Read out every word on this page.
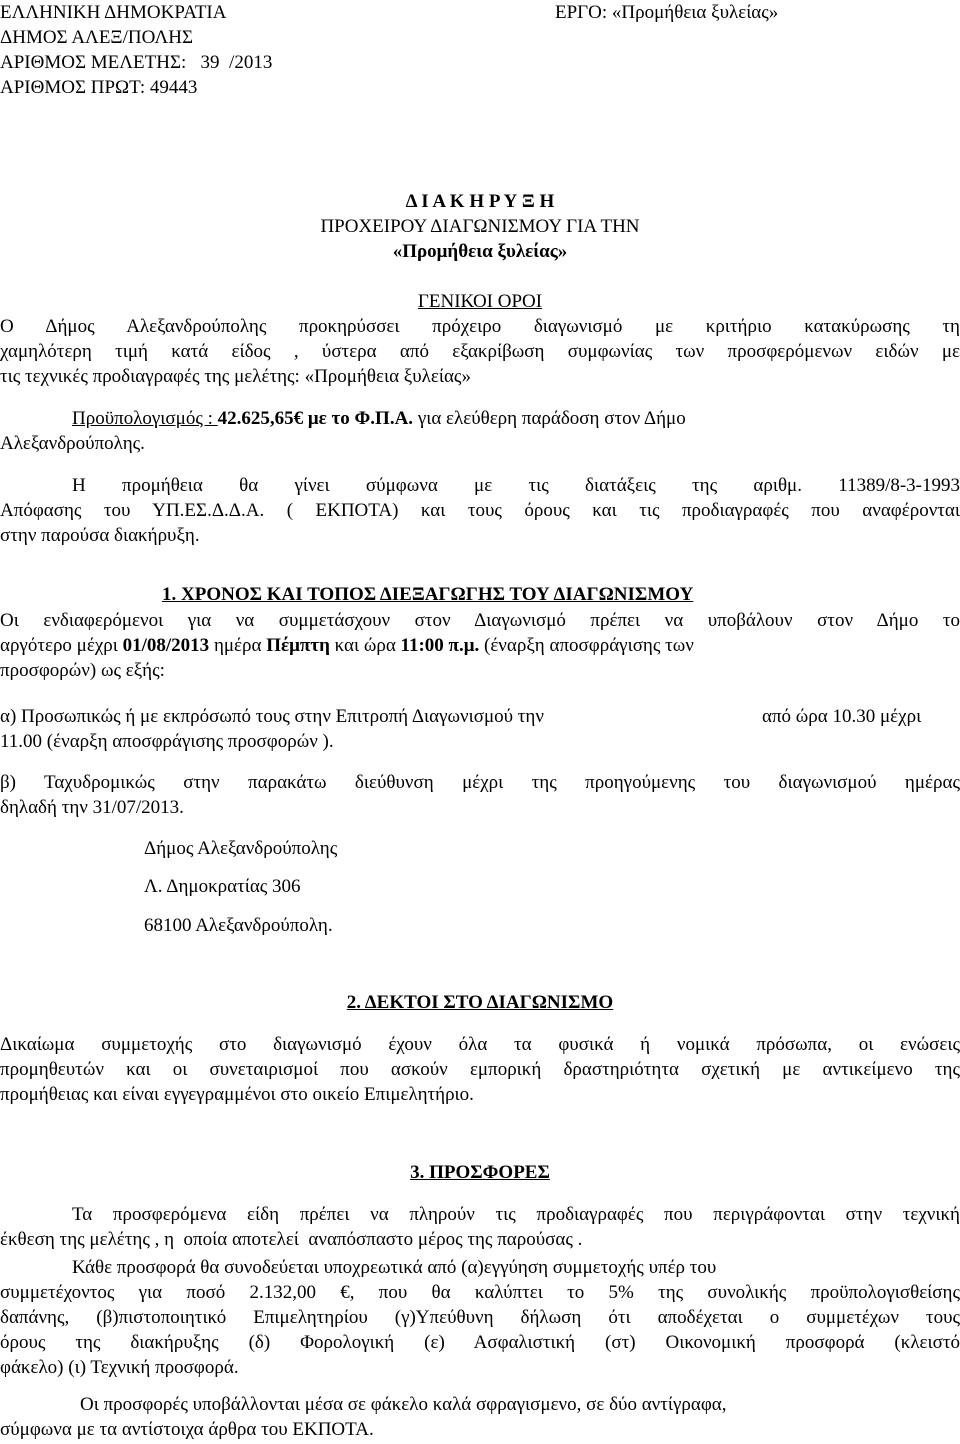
ΕΛΛΗΝΙΚΗ ΔΗΜΟΚΡΑΤΙΑ
ΔΗΜΟΣ ΑΛΕΞ/ΠΟΛΗΣ
ΑΡΙΘΜΟΣ ΜΕΛΕΤΗΣ:   39  /2013
ΑΡΙΘΜΟΣ ΠΡΩΤ: 49443
ΕΡΓΟ: «Προμήθεια ξυλείας»
Δ Ι Α Κ Η Ρ Υ Ξ Η
ΠΡΟΧΕΙΡΟΥ ΔΙΑΓΩΝΙΣΜΟΥ ΓΙΑ ΤΗΝ
«Προμήθεια ξυλείας»
ΓΕΝΙΚΟΙ ΟΡΟΙ
Ο Δήμος Αλεξανδρούπολης προκηρύσσει πρόχειρο διαγωνισμό με κριτήριο κατακύρωσης τη
χαμηλότερη τιμή κατά είδος , ύστερα από εξακρίβωση συμφωνίας των προσφερόμενων ειδών με
τις τεχνικές προδιαγραφές της μελέτης: «Προμήθεια ξυλείας»
Προϋπολογισμός : 42.625,65€ με το Φ.Π.Α. για ελεύθερη παράδοση στον Δήμο
Αλεξανδρούπολης.
Η προμήθεια θα γίνει σύμφωνα με τις διατάξεις της αριθμ. 11389/8-3-1993
Απόφασης του ΥΠ.ΕΣ.Δ.Δ.Α. ( ΕΚΠΟΤΑ) και τους όρους και τις προδιαγραφές που αναφέρονται
στην παρούσα διακήρυξη.
1. ΧΡΟΝΟΣ ΚΑΙ ΤΟΠΟΣ ΔΙΕΞΑΓΩΓΗΣ ΤΟΥ ΔΙΑΓΩΝΙΣΜΟΥ
Οι ενδιαφερόμενοι για να συμμετάσχουν στον Διαγωνισμό πρέπει να υποβάλουν στον Δήμο το
αργότερο μέχρι 01/08/2013 ημέρα Πέμπτη και ώρα 11:00 π.μ. (έναρξη αποσφράγισης των
προσφορών) ως εξής:
α) Προσωπικώς ή με εκπρόσωπό τους στην Επιτροπή Διαγωνισμού την	από ώρα 10.30 μέχρι
11.00 (έναρξη αποσφράγισης προσφορών ).
β) Ταχυδρομικώς στην παρακάτω διεύθυνση μέχρι της προηγούμενης του διαγωνισμού ημέρας
δηλαδή την 31/07/2013.
Δήμος Αλεξανδρούπολης
Λ. Δημοκρατίας 306
68100 Αλεξανδρούπολη.
2. ΔΕΚΤΟΙ ΣΤΟ ΔΙΑΓΩΝΙΣΜΟ
Δικαίωμα συμμετοχής στο διαγωνισμό έχουν όλα τα φυσικά ή νομικά πρόσωπα, οι ενώσεις
προμηθευτών και οι συνεταιρισμοί που ασκούν εμπορική δραστηριότητα σχετική με αντικείμενο της
προμήθειας και είναι εγγεγραμμένοι στο οικείο Επιμελητήριο.
3. ΠΡΟΣΦΟΡΕΣ
Τα προσφερόμενα είδη πρέπει να πληρούν τις προδιαγραφές που περιγράφονται στην τεχνική
έκθεση της μελέτης , η  οποία αποτελεί  αναπόσπαστο μέρος της παρούσας .
Κάθε προσφορά θα συνοδεύεται υποχρεωτικά από (α)εγγύηση συμμετοχής υπέρ του
συμμετέχοντος για ποσό 2.132,00 €, που θα καλύπτει το 5% της συνολικής προϋπολογισθείσης
δαπάνης, (β)πιστοποιητικό Επιμελητηρίου (γ)Υπεύθυνη δήλωση ότι αποδέχεται ο συμμετέχων τους
όρους της διακήρυξης (δ) Φορολογική (ε) Ασφαλιστική (στ) Οικονομική προσφορά (κλειστό
φάκελο) (ι) Τεχνική προσφορά.
Οι προσφορές υποβάλλονται μέσα σε φάκελο καλά σφραγισμενο, σε δύο αντίγραφα,
σύμφωνα με τα αντίστοιχα άρθρα του ΕΚΠΟΤΑ.
